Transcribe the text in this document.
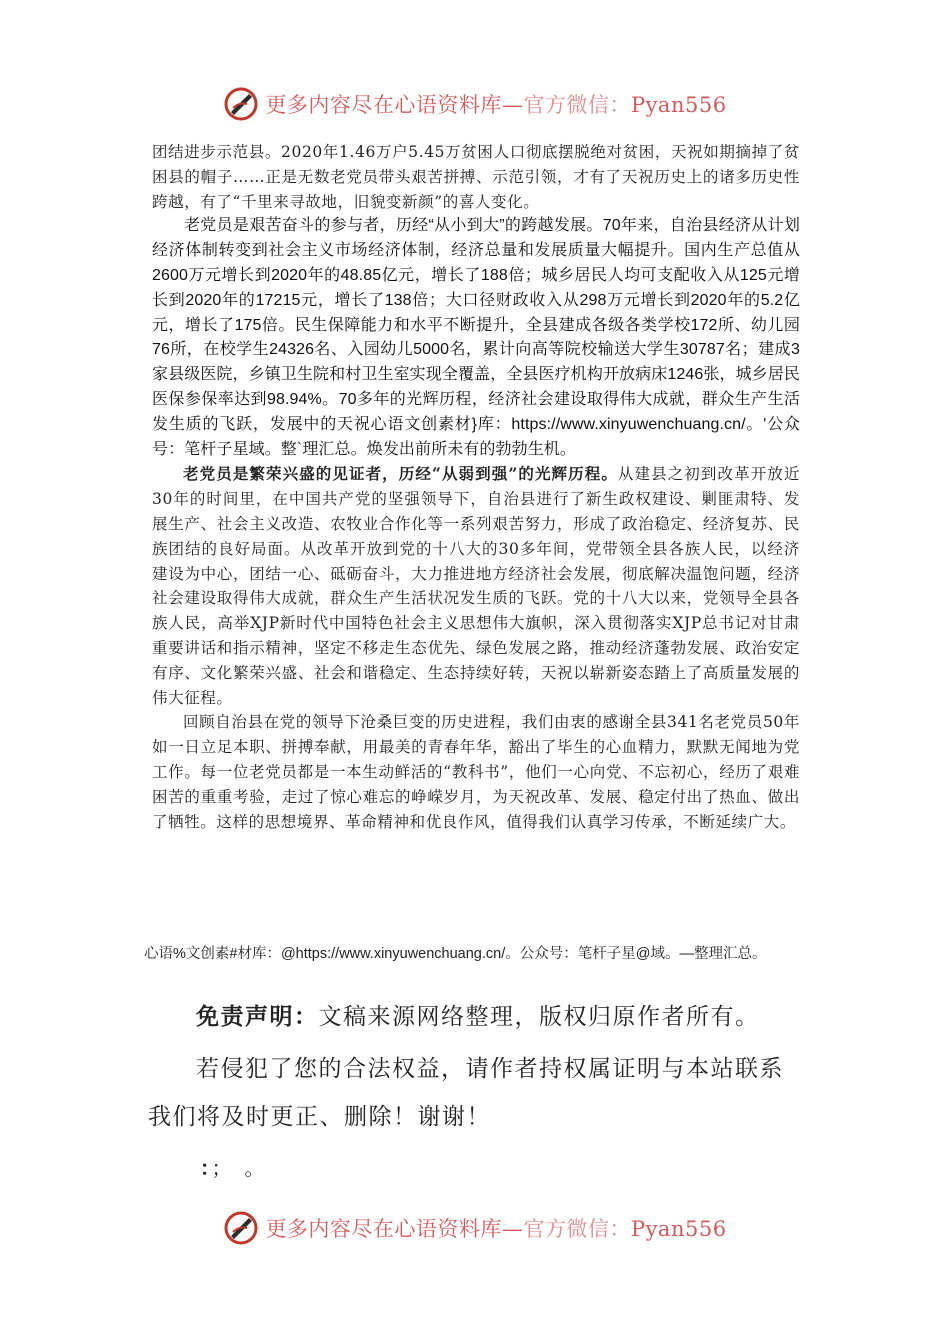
更多内容尽在心语资料库—官方微信：Pyan556

团结进步示范县。2020年1.46万户5.45万贫困人口彻底摆脱绝对贫困，天祝如期摘掉了贫困县的帽子……正是无数老党员带头艰苦拼搏、示范引领，才有了天祝历史上的诸多历史性跨越，有了“千里来寻故地，旧貌变新颜”的喜人变化。

老党员是艰苦奋斗的参与者，历经“从小到大”的跨越发展。70年来，自治县经济从计划经济体制转变到社会主义市场经济体制，经济总量和发展质量大幅提升。国内生产总值从2600万元增长到2020年的48.85亿元，增长了188倍；城乡居民人均可支配收入从125元增长到2020年的17215元，增长了138倍；大口径财政收入从298万元增长到2020年的5.2亿元，增长了175倍。民生保障能力和水平不断提升，全县建成各级各类学校172所、幼儿园　76所，在校学生24326名、入园幼儿5000名，累计向高等院校输送大学生30787名；建成3家县级医院，乡镇卫生院和村卫生室实现全覆盖，全县医疗机构开放病床1246张，城乡居民医保参保率达到98.94%。70多年的光辉历程，经济社会建设取得伟大成就，群众生产生活发生质的飞跃，发展中的天祝心语文创素材}库：https://www.xinyuwenchuang.cn/。'公众号：笔杆子星域。整`理汇总。焕发出前所未有的勃勃生机。

老党员是繁荣兴盛的见证者，历经“从弱到强”的光辉历程。从建县之初到改革开放近30年的时间里，在中国共产党的坚强领导下，自治县进行了新生政权建设、剿匪肃特、发展生产、社会主义改造、农牧业合作化等一系列艰苦努力，形成了政治稳定、经济复苏、民族团结的良好局面。从改革开放到党的十八大的30多年间，党带领全县各族人民，以经济建设为中心，团结一心、砥砺奋斗，大力推进地方经济社会发展，彻底解决温饱问题，经济社会建设取得伟大成就，群众生产生活状况发生质的飞跃。党的十八大以来，党领导全县各族人民，高举XJP新时代中国特色社会主义思想伟大旗帜，深入贯彻落实XJP总书记对甘肃重要讲话和指示精神，坚定不移走生态优先、绿色发展之路，推动经济蓬勃发展、政治安定有序、文化繁荣兴盛、社会和谐稳定、生态持续好转，天祝以崭新姿态踏上了高质量发展的伟大征程。

回顾自治县在党的领导下沧桑巨变的历史进程，我们由衷的感谢全县341名老党员50年如一日立足本职、拼搏奉献，用最美的青春年华，豁出了毕生的心血精力，默默无闻地为党工作。每一位老党员都是一本生动鲜活的“教科书”，他们一心向党、不忘初心，经历了艰难困苦的重重考验，走过了惊心难忘的峥嵘岁月，为天祝改革、发展、稳定付出了热血、做出了牺牲。这样的思想境界、革命精神和优良作风，值得我们认真学习传承，不断延续广大。

心语%文创素#材库：@https://www.xinyuwenchuang.cn/。公众号：笔杆子星@域。—整理汇总。
免责声明：文稿来源网络整理，版权归原作者所有。
若侵犯了您的合法权益，请作者持权属证明与本站联系
我们将及时更正、删除！谢谢！
：；　。
更多内容尽在心语资料库—官方微信：Pyan556
